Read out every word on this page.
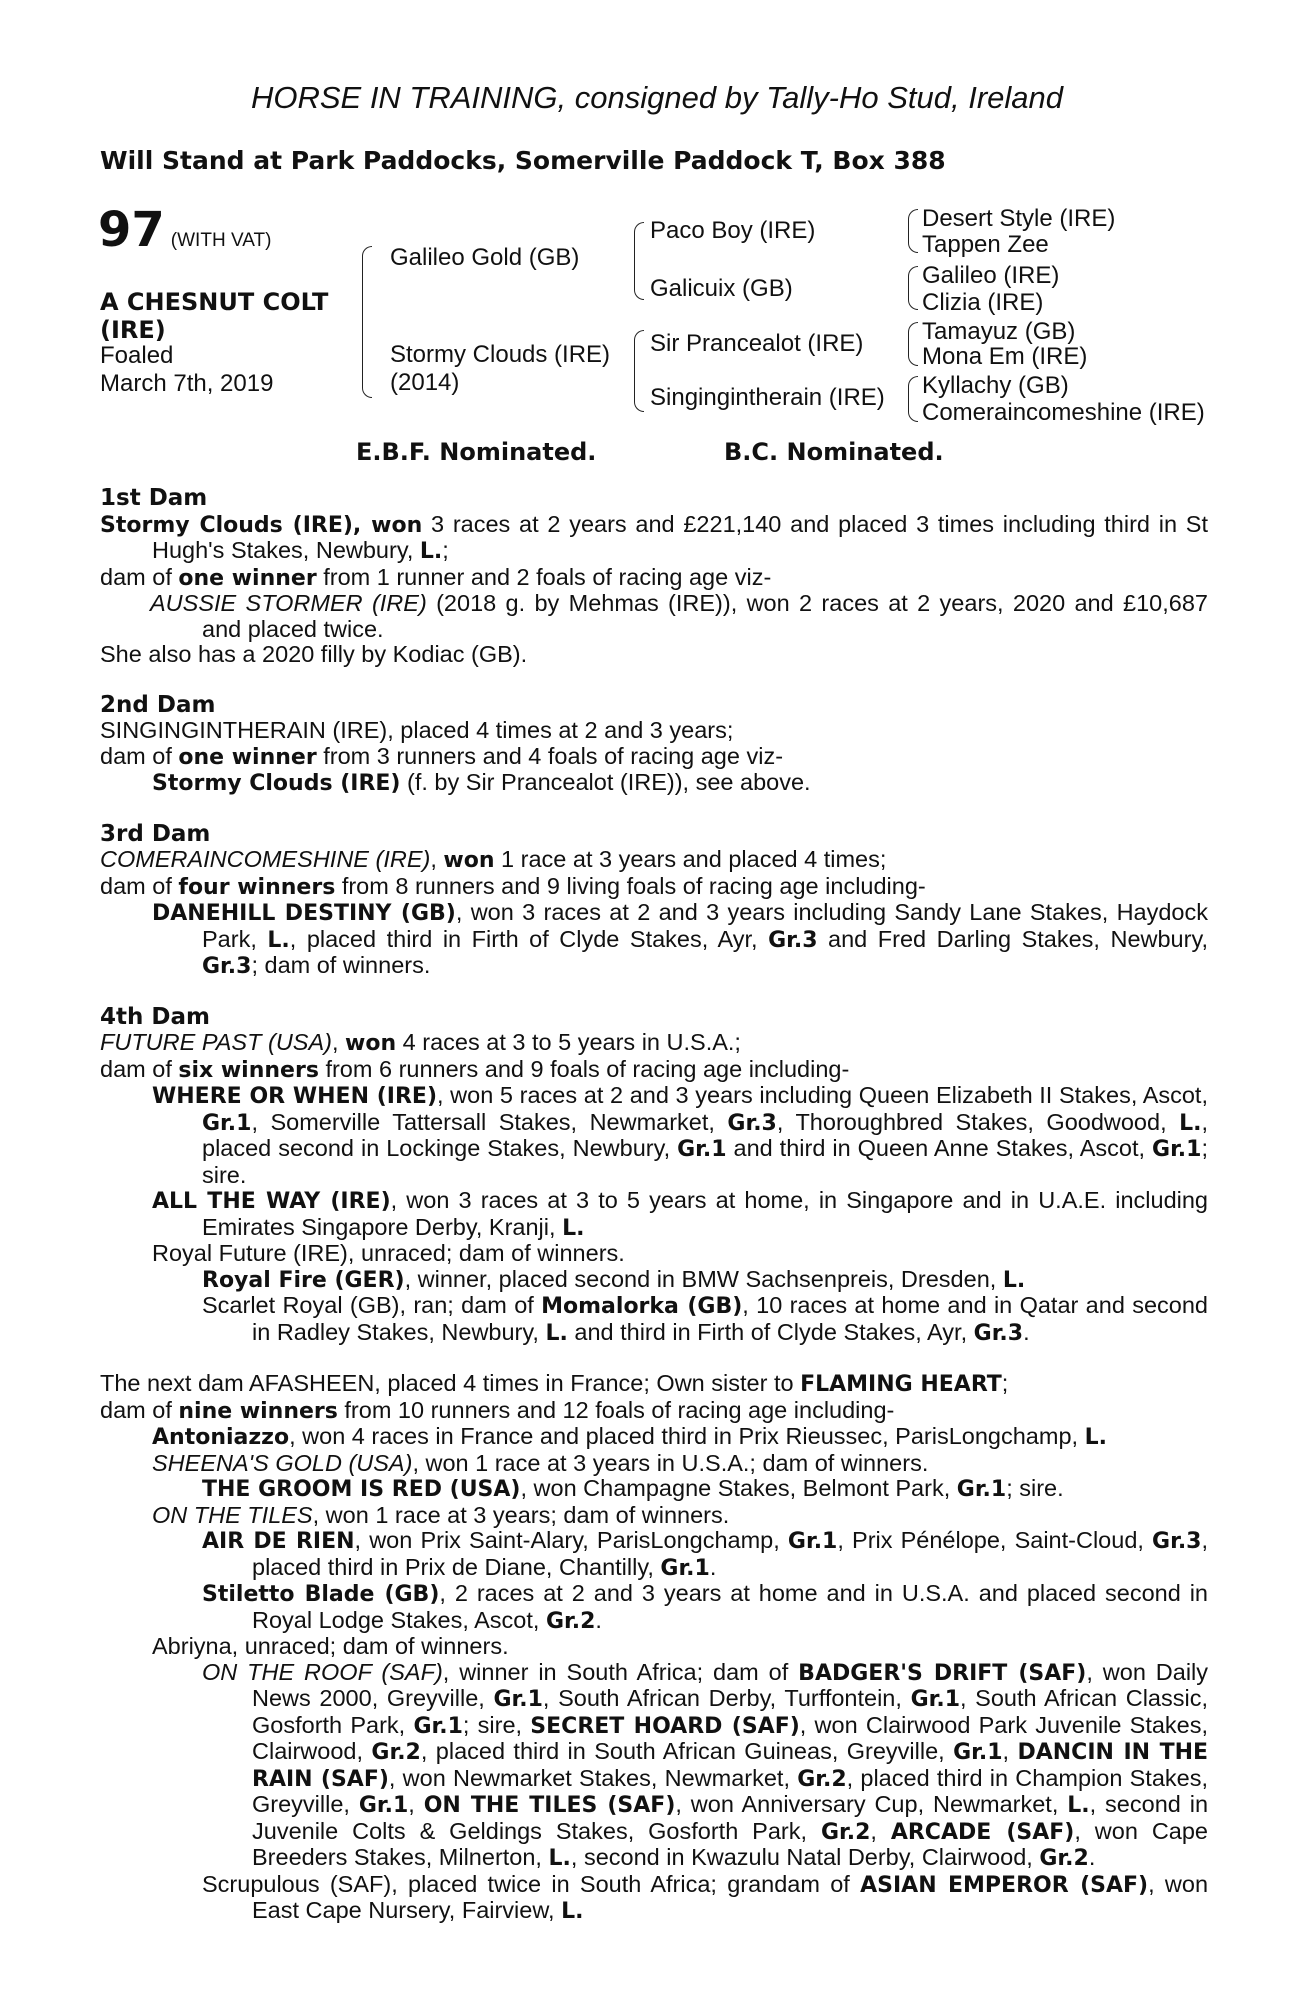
HORSE IN TRAINING, consigned by Tally-Ho Stud, Ireland
Will Stand at Park Paddocks, Somerville Paddock T, Box 388
97 (WITH VAT)
A CHESNUT COLT
(IRE)
Foaled
March 7th, 2019
Galileo Gold (GB)
Stormy Clouds (IRE)
(2014)
Paco Boy (IRE)
Galicuix (GB)
Sir Prancealot (IRE)
Singingintherain (IRE)
Desert Style (IRE)
Tappen Zee
Galileo (IRE)
Clizia (IRE)
Tamayuz (GB)
Mona Em (IRE)
Kyllachy (GB)
Comeraincomeshine (IRE)
E.B.F. Nominated.	B.C. Nominated.

1st Dam

Stormy Clouds (IRE), won 3 races at 2 years and £221,140 and placed 3 times including third in St Hugh's Stakes, Newbury, L.;

dam of one winner from 1 runner and 2 foals of racing age viz-

AUSSIE STORMER (IRE) (2018 g. by Mehmas (IRE)), won 2 races at 2 years, 2020 and £10,687 and placed twice.

She also has a 2020 filly by Kodiac (GB).

2nd Dam

SINGINGINTHERAIN (IRE), placed 4 times at 2 and 3 years;

dam of one winner from 3 runners and 4 foals of racing age viz-

Stormy Clouds (IRE) (f. by Sir Prancealot (IRE)), see above.

3rd Dam

COMERAINCOMESHINE (IRE), won 1 race at 3 years and placed 4 times;

dam of four winners from 8 runners and 9 living foals of racing age including-

DANEHILL DESTINY (GB), won 3 races at 2 and 3 years including Sandy Lane Stakes, Haydock Park, L., placed third in Firth of Clyde Stakes, Ayr, Gr.3 and Fred Darling Stakes, Newbury, Gr.3; dam of winners.

4th Dam

FUTURE PAST (USA), won 4 races at 3 to 5 years in U.S.A.;

dam of six winners from 6 runners and 9 foals of racing age including-

WHERE OR WHEN (IRE), won 5 races at 2 and 3 years including Queen Elizabeth II Stakes, Ascot, Gr.1, Somerville Tattersall Stakes, Newmarket, Gr.3, Thoroughbred Stakes, Goodwood, L., placed second in Lockinge Stakes, Newbury, Gr.1 and third in Queen Anne Stakes, Ascot, Gr.1; sire.

ALL THE WAY (IRE), won 3 races at 3 to 5 years at home, in Singapore and in U.A.E. including Emirates Singapore Derby, Kranji, L.

Royal Future (IRE), unraced; dam of winners.

Royal Fire (GER), winner, placed second in BMW Sachsenpreis, Dresden, L.

Scarlet Royal (GB), ran; dam of Momalorka (GB), 10 races at home and in Qatar and second in Radley Stakes, Newbury, L. and third in Firth of Clyde Stakes, Ayr, Gr.3.

The next dam AFASHEEN, placed 4 times in France; Own sister to FLAMING HEART;

dam of nine winners from 10 runners and 12 foals of racing age including-

Antoniazzo, won 4 races in France and placed third in Prix Rieussec, ParisLongchamp, L.

SHEENA'S GOLD (USA), won 1 race at 3 years in U.S.A.; dam of winners.

THE GROOM IS RED (USA), won Champagne Stakes, Belmont Park, Gr.1; sire.

ON THE TILES, won 1 race at 3 years; dam of winners.

AIR DE RIEN, won Prix Saint-Alary, ParisLongchamp, Gr.1, Prix Pénélope, Saint-Cloud, Gr.3, placed third in Prix de Diane, Chantilly, Gr.1.

Stiletto Blade (GB), 2 races at 2 and 3 years at home and in U.S.A. and placed second in Royal Lodge Stakes, Ascot, Gr.2.

Abriyna, unraced; dam of winners.

ON THE ROOF (SAF), winner in South Africa; dam of BADGER'S DRIFT (SAF), won Daily News 2000, Greyville, Gr.1, South African Derby, Turffontein, Gr.1, South African Classic, Gosforth Park, Gr.1; sire, SECRET HOARD (SAF), won Clairwood Park Juvenile Stakes, Clairwood, Gr.2, placed third in South African Guineas, Greyville, Gr.1, DANCIN IN THE RAIN (SAF), won Newmarket Stakes, Newmarket, Gr.2, placed third in Champion Stakes, Greyville, Gr.1, ON THE TILES (SAF), won Anniversary Cup, Newmarket, L., second in Juvenile Colts & Geldings Stakes, Gosforth Park, Gr.2, ARCADE (SAF), won Cape Breeders Stakes, Milnerton, L., second in Kwazulu Natal Derby, Clairwood, Gr.2.

Scrupulous (SAF), placed twice in South Africa; grandam of ASIAN EMPEROR (SAF), won East Cape Nursery, Fairview, L.
